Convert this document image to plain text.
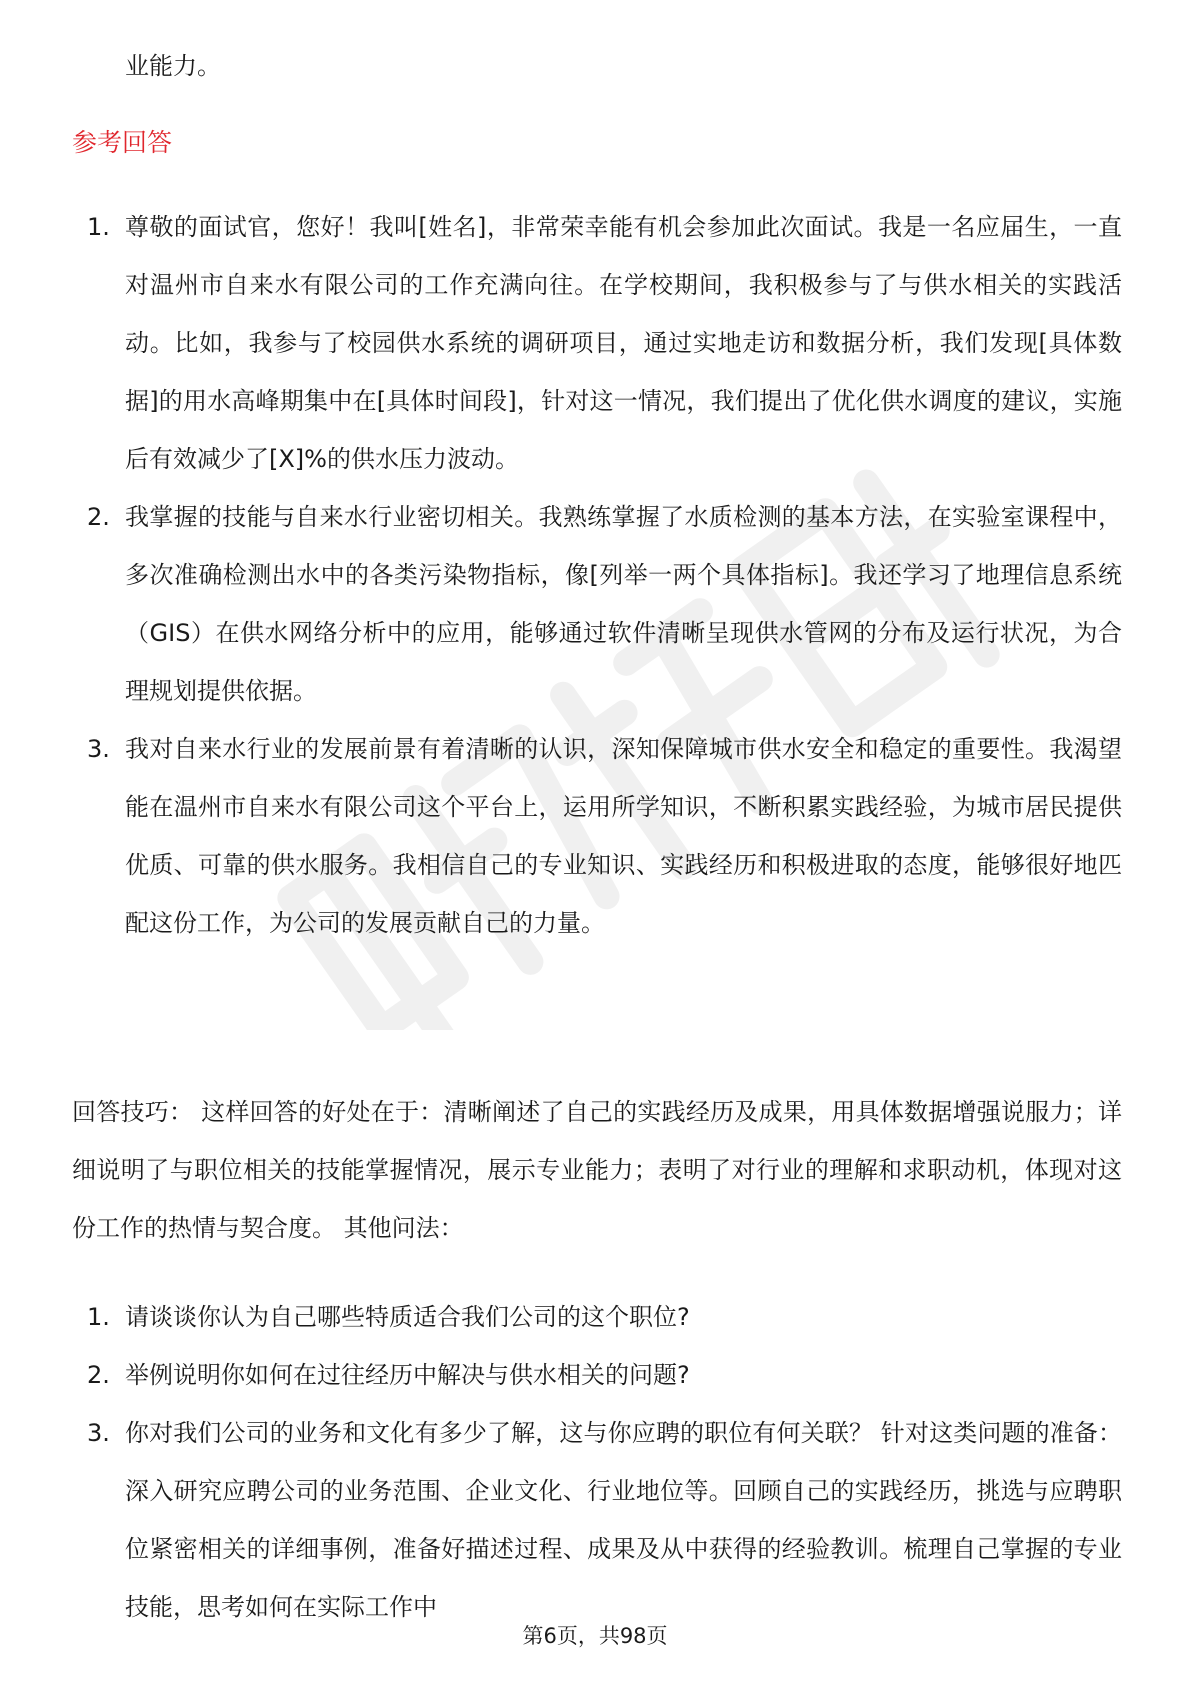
业能力。

参考回答
1. 尊敬的面试官，您好！我叫[姓名]，非常荣幸能有机会参加此次面试。我是一名应届生，一直对温州市自来水有限公司的工作充满向往。在学校期间，我积极参与了与供水相关的实践活动。比如，我参与了校园供水系统的调研项目，通过实地走访和数据分析，我们发现[具体数据]的用水高峰期集中在[具体时间段]，针对这一情况，我们提出了优化供水调度的建议，实施后有效减少了[X]%的供水压力波动。
2. 我掌握的技能与自来水行业密切相关。我熟练掌握了水质检测的基本方法，在实验室课程中，多次准确检测出水中的各类污染物指标，像[列举一两个具体指标]。我还学习了地理信息系统（GIS）在供水网络分析中的应用，能够通过软件清晰呈现供水管网的分布及运行状况，为合理规划提供依据。
3. 我对自来水行业的发展前景有着清晰的认识，深知保障城市供水安全和稳定的重要性。我渴望能在温州市自来水有限公司这个平台上，运用所学知识，不断积累实践经验，为城市居民提供优质、可靠的供水服务。我相信自己的专业知识、实践经历和积极进取的态度，能够很好地匹配这份工作，为公司的发展贡献自己的力量。

回答技巧： 这样回答的好处在于：清晰阐述了自己的实践经历及成果，用具体数据增强说服力；详细说明了与职位相关的技能掌握情况，展示专业能力；表明了对行业的理解和求职动机，体现对这份工作的热情与契合度。 其他问法：

1. 请谈谈你认为自己哪些特质适合我们公司的这个职位?
2. 举例说明你如何在过往经历中解决与供水相关的问题?
3. 你对我们公司的业务和文化有多少了解，这与你应聘的职位有何关联？ 针对这类问题的准备： 深入研究应聘公司的业务范围、企业文化、行业地位等。回顾自己的实践经历，挑选与应聘职位紧密相关的详细事例，准备好描述过程、成果及从中获得的经验教训。梳理自己掌握的专业技能，思考如何在实际工作中
第6页，共98页
